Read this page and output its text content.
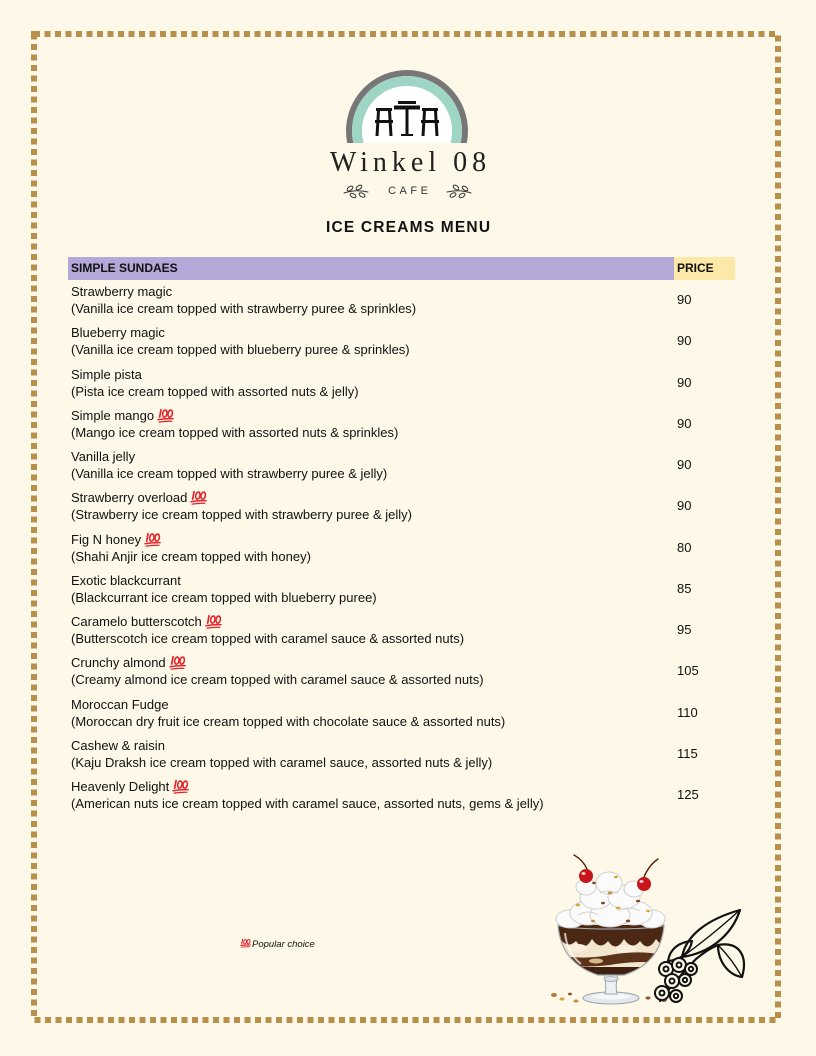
Winkel 08
CAFE
ICE CREAMS MENU
SIMPLE SUNDAES	PRICE
Strawberry magic
(Vanilla ice cream topped with strawberry puree & sprinkles)
90
Blueberry magic
(Vanilla ice cream topped with blueberry puree & sprinkles)
90
Simple pista
(Pista ice cream topped with assorted nuts & jelly)
90
Simple mango
(Mango ice cream topped with assorted nuts & sprinkles)
90
Vanilla jelly
(Vanilla ice cream topped with strawberry puree & jelly)
90
Strawberry overload
(Strawberry ice cream topped with strawberry puree & jelly)
90
Fig N honey
(Shahi Anjir ice cream topped with honey)
80
Exotic blackcurrant
(Blackcurrant ice cream topped with blueberry puree)
85
Caramelo butterscotch
(Butterscotch ice cream topped with caramel sauce & assorted nuts)
95
Crunchy almond
(Creamy almond ice cream topped with caramel sauce & assorted nuts)
105
Moroccan Fudge
(Moroccan dry fruit ice cream topped with chocolate sauce & assorted nuts)
110
Cashew & raisin
(Kaju Draksh ice cream topped with caramel sauce, assorted nuts & jelly)
115
Heavenly Delight
(American nuts ice cream topped with caramel sauce, assorted nuts, gems & jelly)
125
Popular choice
